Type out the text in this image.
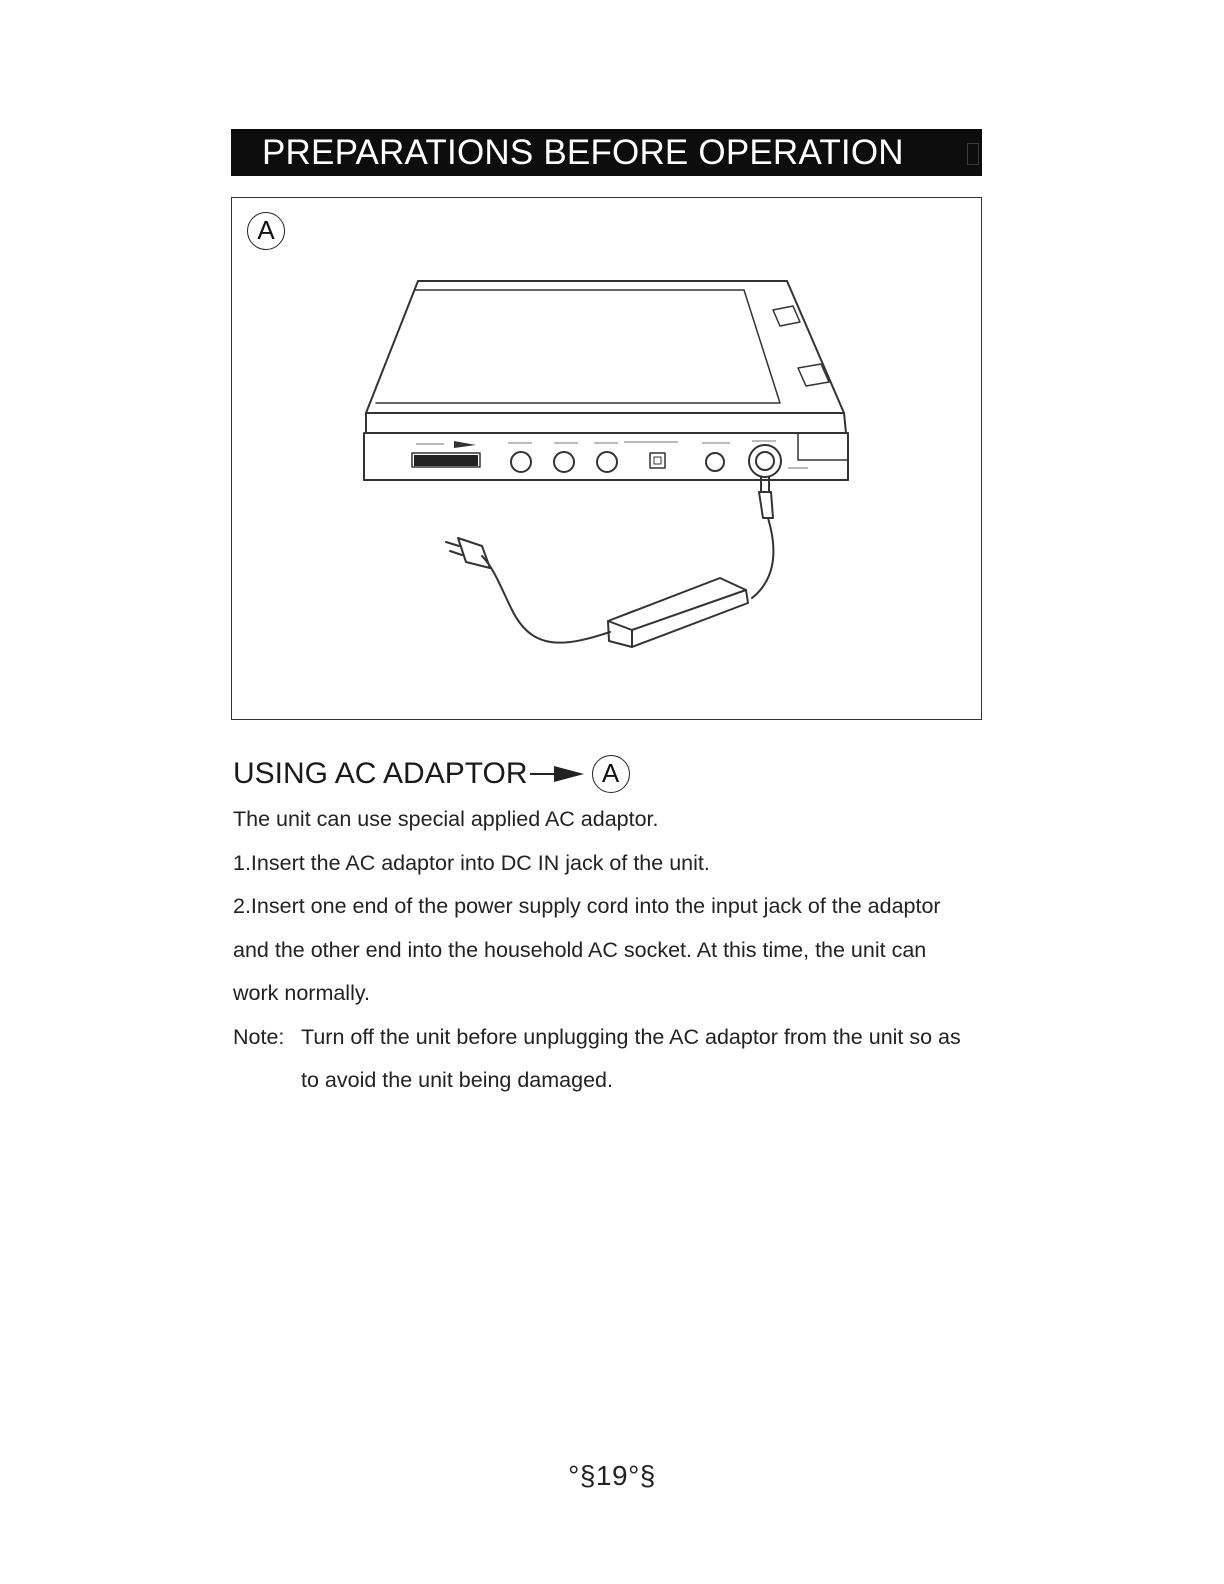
PREPARATIONS BEFORE OPERATION
A
USING AC ADAPTOR	A

The unit can use special applied AC adaptor.

1.Insert the AC adaptor into DC IN jack of the unit.

2.Insert one end of the power supply cord into the input jack of the adaptor and the other end into the household AC socket. At this time, the unit can work normally.

Note: Turn off the unit before unplugging the AC adaptor from the unit so as to avoid the unit being damaged.
°§19°§
